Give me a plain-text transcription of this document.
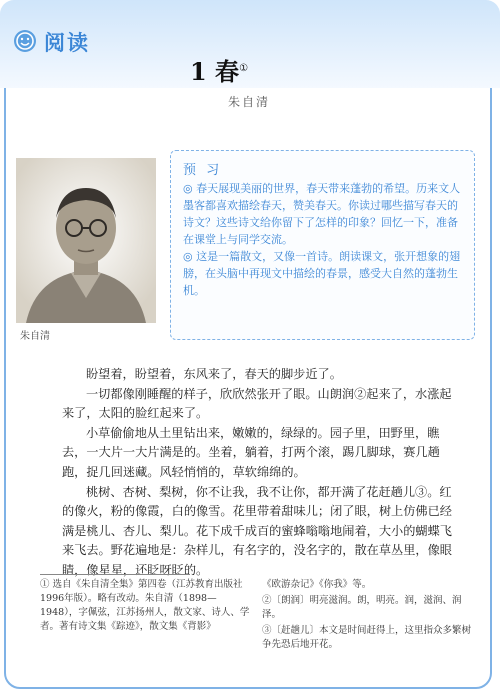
阅读
1 春①
朱自清
朱自清
预 习

◎ 春天展现美丽的世界，春天带来蓬勃的希望。历来文人墨客都喜欢描绘春天，赞美春天。你读过哪些描写春天的诗文？这些诗文给你留下了怎样的印象？回忆一下，准备在课堂上与同学交流。

◎ 这是一篇散文，又像一首诗。朗读课文，张开想象的翅膀，在头脑中再现文中描绘的春景，感受大自然的蓬勃生机。

盼望着，盼望着，东风来了，春天的脚步近了。

一切都像刚睡醒的样子，欣欣然张开了眼。山朗润②起来了，水涨起来了，太阳的脸红起来了。

小草偷偷地从土里钻出来，嫩嫩的，绿绿的。园子里，田野里，瞧去，一大片一大片满是的。坐着，躺着，打两个滚，踢几脚球，赛几趟跑，捉几回迷藏。风轻悄悄的，草软绵绵的。

桃树、杏树、梨树，你不让我，我不让你，都开满了花赶趟儿③。红的像火，粉的像霞，白的像雪。花里带着甜味儿；闭了眼，树上仿佛已经满是桃儿、杏儿、梨儿。花下成千成百的蜜蜂嗡嗡地闹着，大小的蝴蝶飞来飞去。野花遍地是：杂样儿，有名字的，没名字的，散在草丛里，像眼睛，像星星，还眨呀眨的。

① 选自《朱自清全集》第四卷（江苏教育出版社1996年版）。略有改动。朱自清（1898—1948），字佩弦，江苏扬州人，散文家、诗人、学者。著有诗文集《踪迹》，散文集《背影》
《欧游杂记》《你我》等。
②〔朗润〕明亮滋润。朗，明亮。润，滋润、润泽。
③〔赶趟儿〕本文是时间赶得上，这里指众多繁树争先恐后地开花。
